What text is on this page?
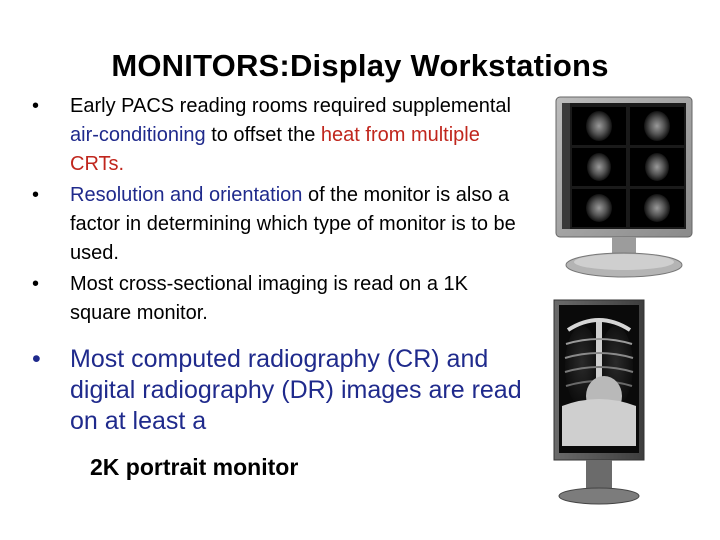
MONITORS:Display Workstations
• Early PACS reading rooms required supplemental air-conditioning to offset the heat from multiple CRTs.
• Resolution and orientation of the monitor is also a factor in determining which type of monitor is to be used.
• Most cross-sectional imaging is read on a 1K square monitor.
• Most computed radiography (CR) and digital radiography (DR) images are read on at least a
2K portrait monitor
